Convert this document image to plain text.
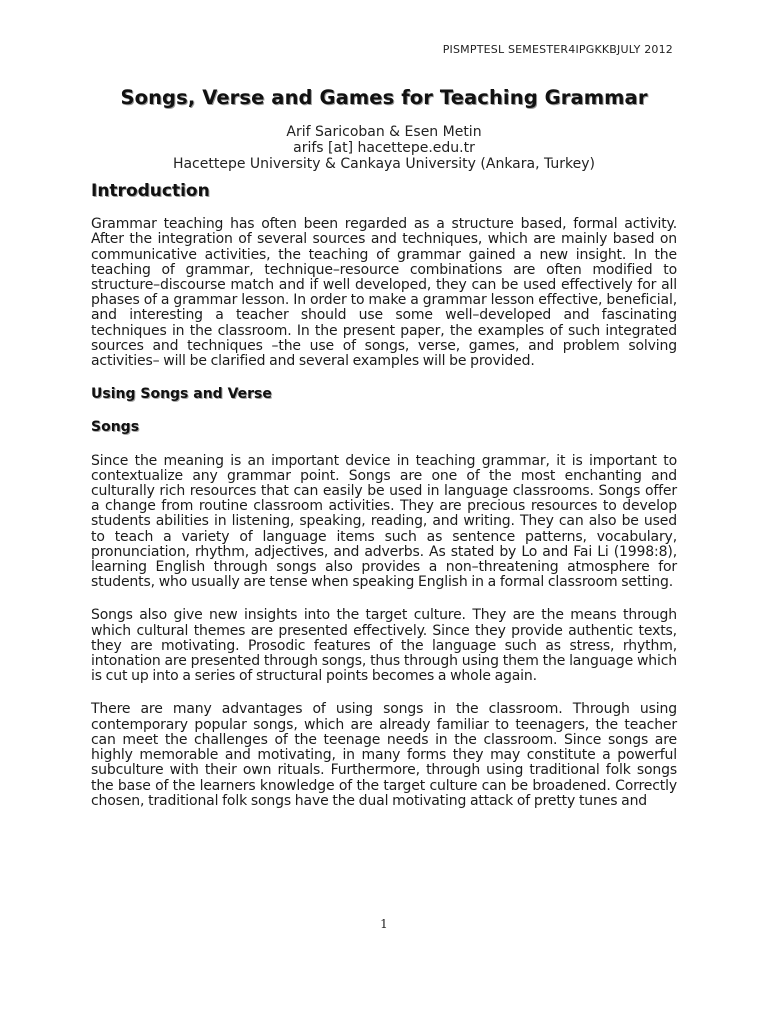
PISMPTESL SEMESTER4IPGKKBJULY 2012
Songs, Verse and Games for Teaching Grammar
Arif Saricoban & Esen Metin
arifs [at] hacettepe.edu.tr
Hacettepe University & Cankaya University (Ankara, Turkey)
Introduction

Grammar teaching has often been regarded as a structure based, formal activity. After the integration of several sources and techniques, which are mainly based on communicative activities, the teaching of grammar gained a new insight. In the teaching of grammar, technique–resource combinations are often modified to structure–discourse match and if well developed, they can be used effectively for all phases of a grammar lesson. In order to make a grammar lesson effective, beneficial, and interesting a teacher should use some well–developed and fascinating techniques in the classroom. In the present paper, the examples of such integrated sources and techniques –the use of songs, verse, games, and problem solving activities– will be clarified and several examples will be provided.

Using Songs and Verse
Songs

Since the meaning is an important device in teaching grammar, it is important to contextualize any grammar point. Songs are one of the most enchanting and culturally rich resources that can easily be used in language classrooms. Songs offer a change from routine classroom activities. They are precious resources to develop students abilities in listening, speaking, reading, and writing. They can also be used to teach a variety of language items such as sentence patterns, vocabulary, pronunciation, rhythm, adjectives, and adverbs. As stated by Lo and Fai Li (1998:8), learning English through songs also provides a non–threatening atmosphere for students, who usually are tense when speaking English in a formal classroom setting.

Songs also give new insights into the target culture. They are the means through which cultural themes are presented effectively. Since they provide authentic texts, they are motivating. Prosodic features of the language such as stress, rhythm, intonation are presented through songs, thus through using them the language which is cut up into a series of structural points becomes a whole again.

There are many advantages of using songs in the classroom. Through using contemporary popular songs, which are already familiar to teenagers, the teacher can meet the challenges of the teenage needs in the classroom. Since songs are highly memorable and motivating, in many forms they may constitute a powerful subculture with their own rituals. Furthermore, through using traditional folk songs the base of the learners knowledge of the target culture can be broadened. Correctly chosen, traditional folk songs have the dual motivating attack of pretty tunes and

1
